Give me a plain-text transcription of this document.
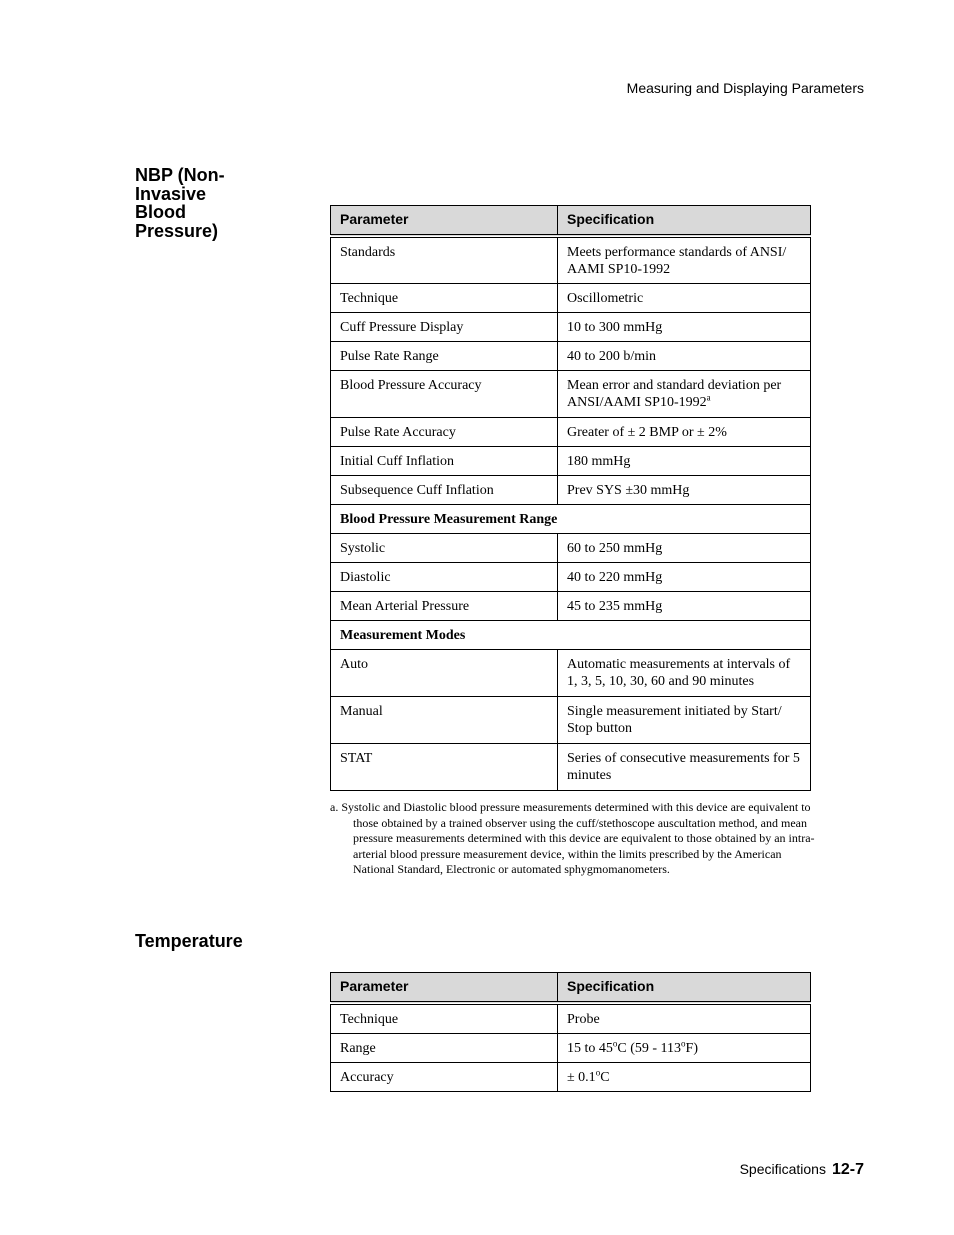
Measuring and Displaying Parameters
NBP (Non-Invasive Blood Pressure)
Parameter	Specification
Standards	Meets performance standards of ANSI/ AAMI SP10-1992
Technique	Oscillometric
Cuff Pressure Display	10 to 300 mmHg
Pulse Rate Range	40 to 200 b/min
Blood Pressure Accuracy	Mean error and standard deviation per ANSI/AAMI SP10-1992$^a$
Pulse Rate Accuracy	Greater of ± 2 BMP or ± 2%
Initial Cuff Inflation	180 mmHg
Subsequence Cuff Inflation	Prev SYS ±30 mmHg
Blood Pressure Measurement Range	
Systolic	60 to 250 mmHg
Diastolic	40 to 220 mmHg
Mean Arterial Pressure	45 to 235 mmHg
Measurement Modes	
Auto	Automatic measurements at intervals of 1, 3, 5, 10, 30, 60 and 90 minutes
Manual	Single measurement initiated by Start/ Stop button
STAT	Series of consecutive measurements for 5 minutes
a. Systolic and Diastolic blood pressure measurements determined with this device are equivalent to those obtained by a trained observer using the cuff/stethoscope auscultation method, and mean pressure measurements determined with this device are equivalent to those obtained by an intra-arterial blood pressure measurement device, within the limits prescribed by the American National Standard, Electronic or automated sphygmomanometers.
Temperature
Parameter	Specification
Technique	Probe
Range	15 to 45$^o$C (59 - 113$^o$F)
Accuracy	± $0.1^oC$
Specifications 12-7
